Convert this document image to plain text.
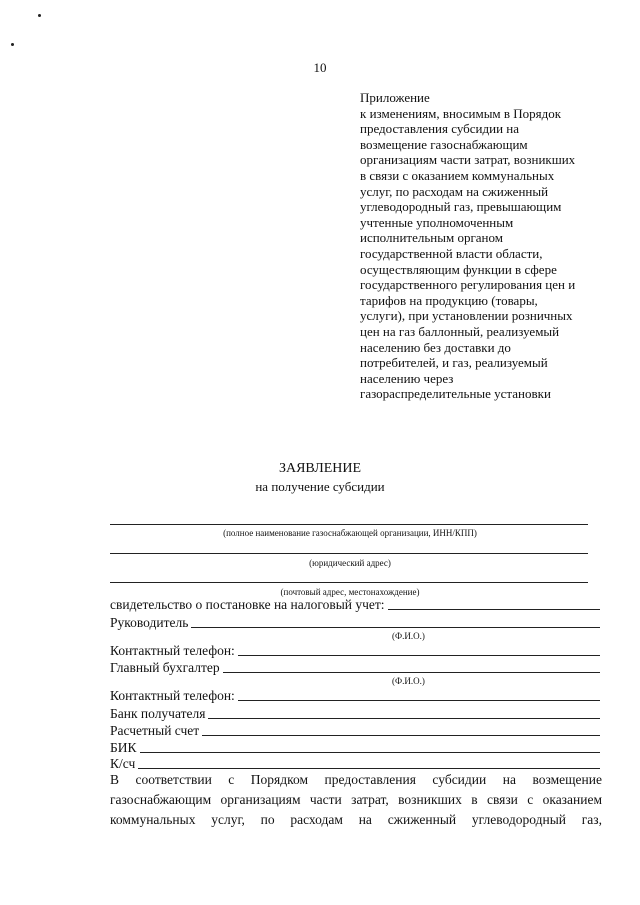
10
Приложение
к изменениям, вносимым в Порядок
предоставления субсидии на
возмещение газоснабжающим
организациям части затрат, возникших
в связи с оказанием коммунальных
услуг, по расходам на сжиженный
углеводородный газ, превышающим
учтенные уполномоченным
исполнительным органом
государственной власти области,
осуществляющим функции в сфере
государственного регулирования цен и
тарифов на продукцию (товары,
услуги), при установлении розничных
цен на газ баллонный, реализуемый
населению без доставки до
потребителей, и газ, реализуемый
населению через
газораспределительные установки
ЗАЯВЛЕНИЕ
на получение субсидии
(полное наименование газоснабжающей организации, ИНН/КПП)
(юридический адрес)
(почтовый адрес, местонахождение)
свидетельство о постановке на налоговый учет:
Руководитель
(Ф.И.О.)
Контактный телефон:
Главный бухгалтер
(Ф.И.О.)
Контактный телефон:
Банк получателя
Расчетный счет
БИК
К/сч
В соответствии с Порядком предоставления субсидии на возмещение
газоснабжающим организациям части затрат, возникших в связи с оказанием
коммунальных услуг, по расходам на сжиженный углеводородный газ,
